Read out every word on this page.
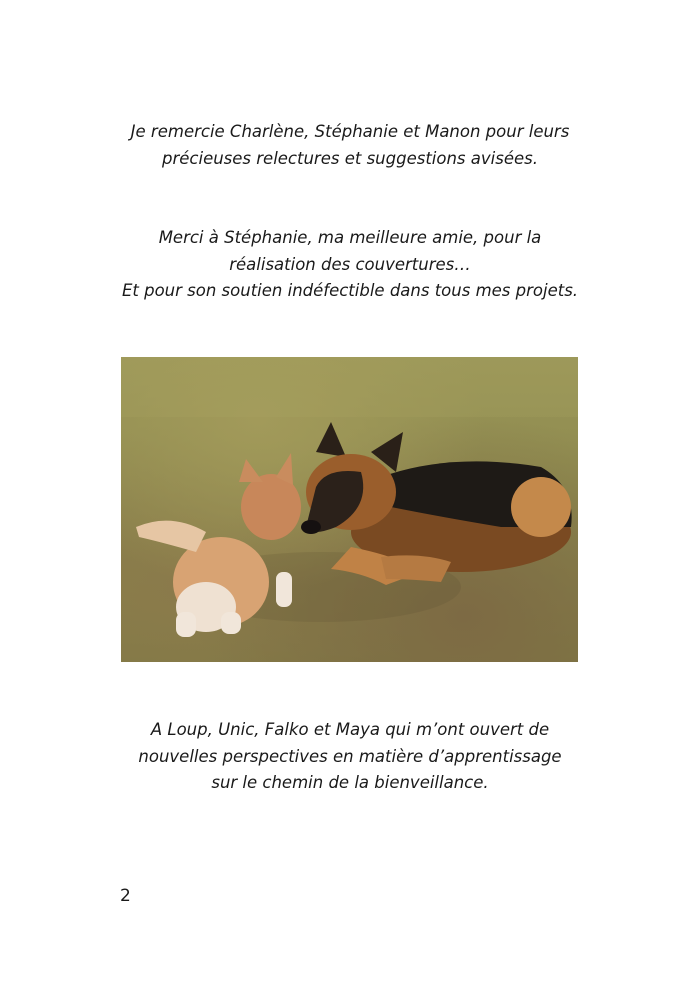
Je remercie Charlène, Stéphanie et Manon pour leurs
précieuses relectures et suggestions avisées.
Merci à Stéphanie, ma meilleure amie, pour la
réalisation des couvertures…
Et pour son soutien indéfectible dans tous mes projets.
A Loup, Unic, Falko et Maya qui m’ont ouvert de
nouvelles perspectives en matière d’apprentissage
sur le chemin de la bienveillance.
2
